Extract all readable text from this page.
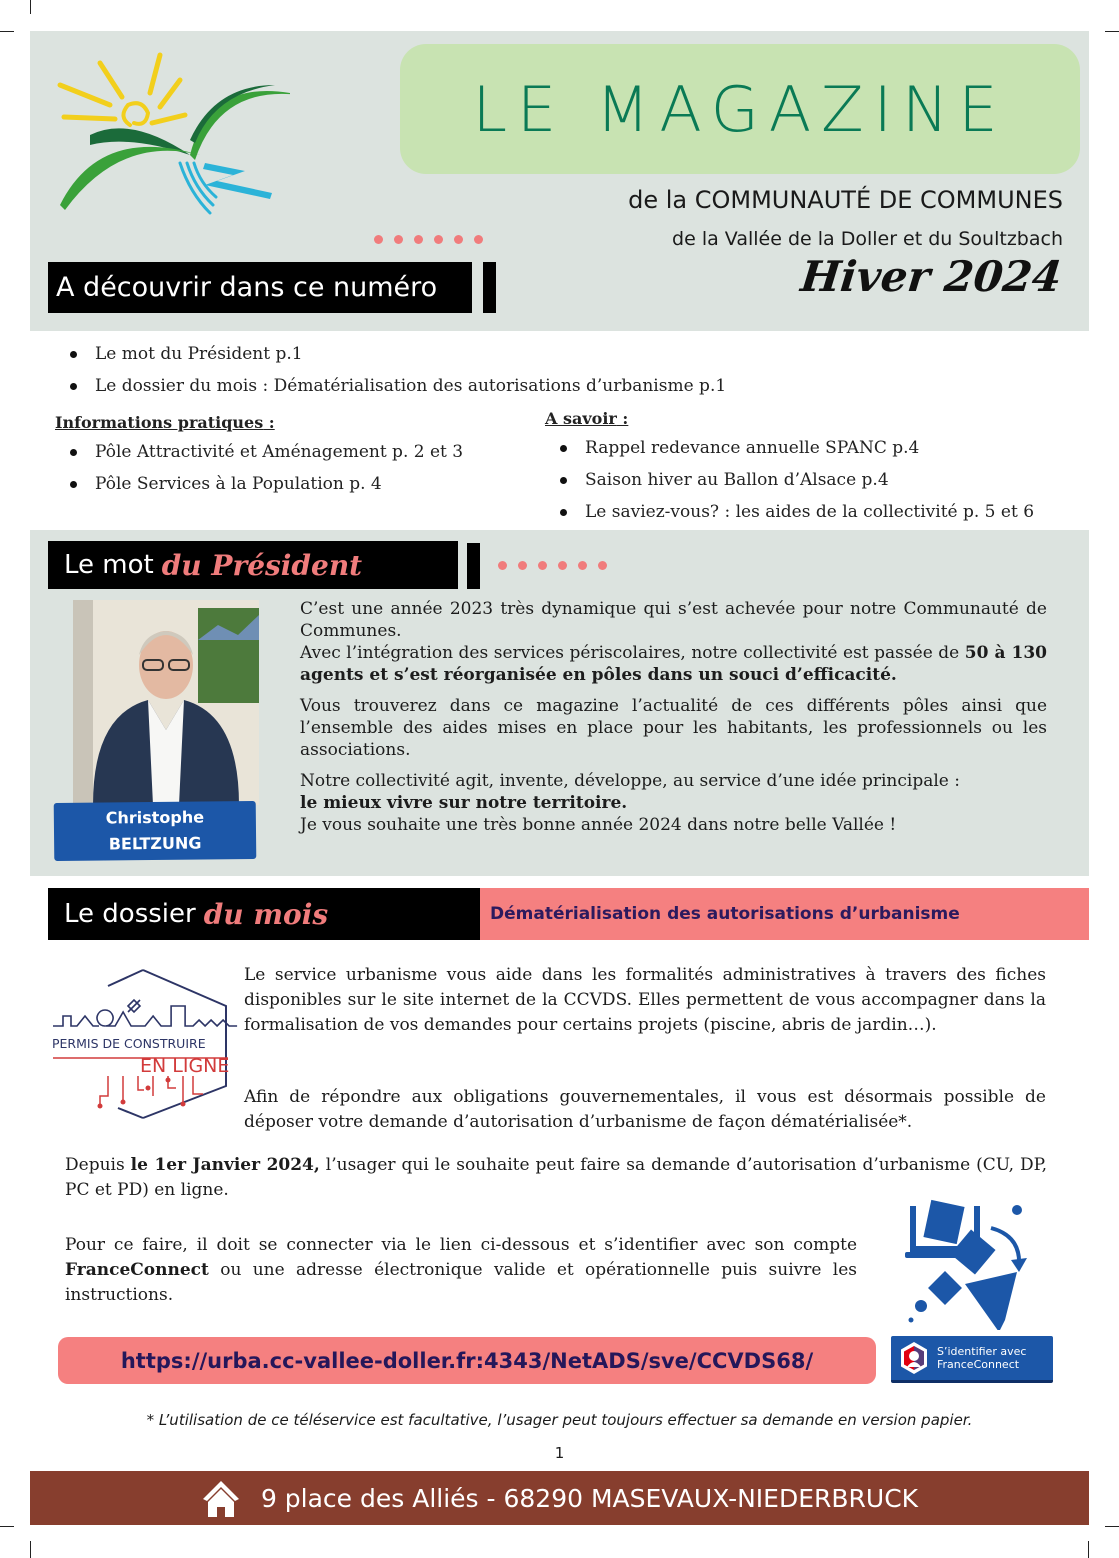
LE MAGAZINE
de la COMMUNAUTÉ DE COMMUNES
de la Vallée de la Doller et du Soultzbach
Hiver 2024
A découvrir dans ce numéro
Le mot du Président p.1
Le dossier du mois : Dématérialisation des autorisations d’urbanisme p.1
Informations pratiques :
Pôle Attractivité et Aménagement p. 2 et 3
Pôle Services à la Population p. 4
A savoir :
Rappel redevance annuelle SPANC p.4
Saison hiver au Ballon d’Alsace p.4
Le saviez-vous? : les aides de la collectivité p. 5 et 6
Le mot du Président
Christophe
BELTZUNG

C’est une année 2023 très dynamique qui s’est achevée pour notre Communauté de Communes.
Avec l’intégration des services périscolaires, notre collectivité est passée de 50 à 130 agents et s’est réorganisée en pôles dans un souci d’efficacité.

Vous trouverez dans ce magazine l’actualité de ces différents pôles ainsi que l’ensemble des aides mises en place pour les habitants, les professionnels ou les associations.

Notre collectivité agit, invente, développe, au service d’une idée principale :
le mieux vivre sur notre territoire.
Je vous souhaite une très bonne année 2024 dans notre belle Vallée !

Le dossier du mois	Dématérialisation des autorisations d’urbanisme
PERMIS DE CONSTRUIRE
EN LIGNE
Le service urbanisme vous aide dans les formalités administratives à travers des fiches disponibles sur le site internet de la CCVDS. Elles permettent de vous accompagner dans la formalisation de vos demandes pour certains projets (piscine, abris de jardin…).
Afin de répondre aux obligations gouvernementales, il vous est désormais possible de déposer votre demande d’autorisation d’urbanisme de façon dématérialisée*.
Depuis le 1er Janvier 2024, l’usager qui le souhaite peut faire sa demande d’autorisation d’urbanisme (CU, DP, PC et PD) en ligne.
Pour ce faire, il doit se connecter via le lien ci-dessous et s’identifier avec son compte FranceConnect ou une adresse électronique valide et opérationnelle puis suivre les instructions.
https://urba.cc-vallee-doller.fr:4343/NetADS/sve/CCVDS68/	S’identifier avec
FranceConnect
* L’utilisation de ce téléservice est facultative, l’usager peut toujours effectuer sa demande en version papier.
1
9 place des Alliés - 68290 MASEVAUX-NIEDERBRUCK
